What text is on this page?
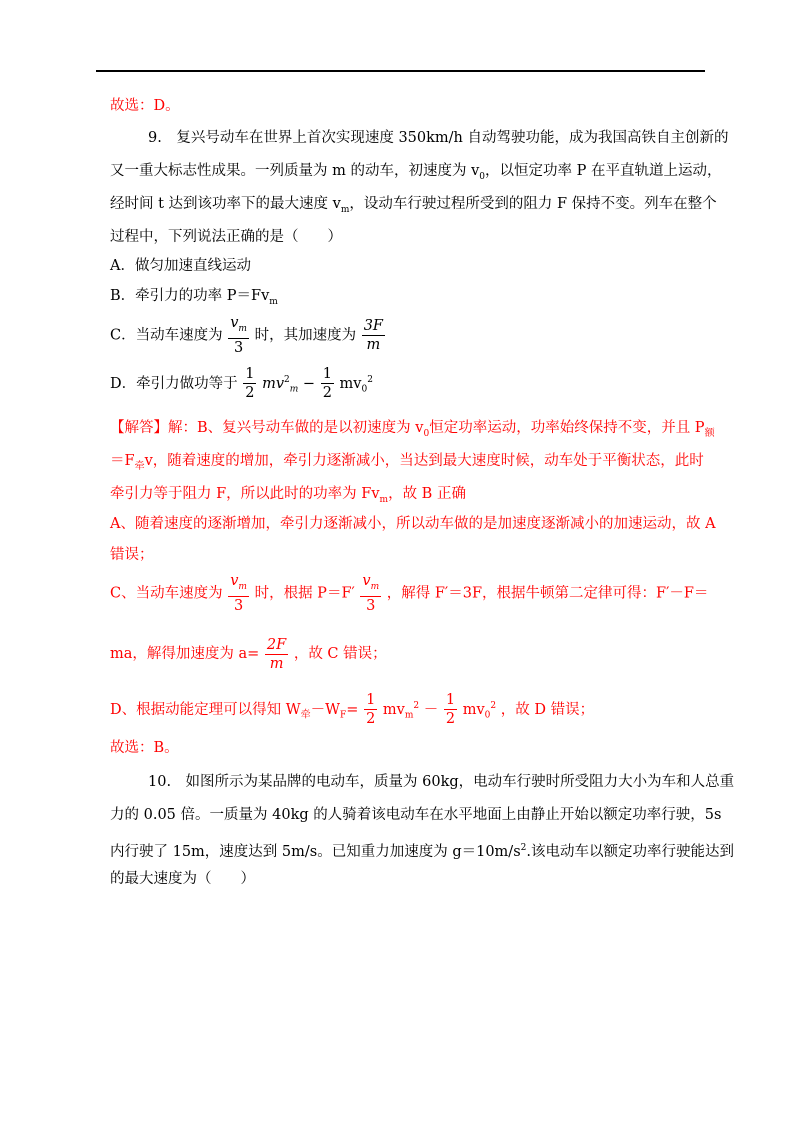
故选：D。
9.　复兴号动车在世界上首次实现速度 350km/h 自动驾驶功能，成为我国高铁自主创新的
又一重大标志性成果。一列质量为 m 的动车，初速度为 $v_0$，以恒定功率 P 在平直轨道上运动，
经时间 t 达到该功率下的最大速度 $v_m$，设动车行驶过程所受到的阻力 F 保持不变。列车在整个
过程中，下列说法正确的是（　　）
A．做匀加速直线运动
B．牵引力的功率 $P=Fv_m$
C．当动车速度为 $\frac{v_m}{3}$ 时，其加速度为 $\frac{3F}{m}$
D．牵引力做功等于 $\frac{1}{2} mv^2_m - \frac{1}{2} mv_0^2$
【解答】解：B、复兴号动车做的是以初速度为 $v_0$恒定功率运动，功率始终保持不变，并且 $P_额$
$=F_牵v$，随着速度的增加，牵引力逐渐减小，当达到最大速度时候，动车处于平衡状态，此时
牵引力等于阻力 F，所以此时的功率为 $Fv_m$，故 B 正确
A、随着速度的逐渐增加，牵引力逐渐减小，所以动车做的是加速度逐渐减小的加速运动，故 A
错误；
C、当动车速度为 $\frac{v_m}{3}$ 时，根据 $P=F' \frac{v_m}{3}$ ，解得 F′＝3F，根据牛顿第二定律可得：F′－F＝
ma，解得加速度为 $a= \frac{2F}{m}$ ，故 C 错误；
D、根据动能定理可以得知 $W_牵-W_F= \frac{1}{2} mv_m^2 - \frac{1}{2} mv_0^2$ ，故 D 错误；
故选：B。
10.　如图所示为某品牌的电动车，质量为 60kg，电动车行驶时所受阻力大小为车和人总重
力的 0.05 倍。一质量为 40kg 的人骑着该电动车在水平地面上由静止开始以额定功率行驶，5s
内行驶了 15m，速度达到 5m/s。已知重力加速度为 $g=10m/s^2$.该电动车以额定功率行驶能达到
的最大速度为（　　）
